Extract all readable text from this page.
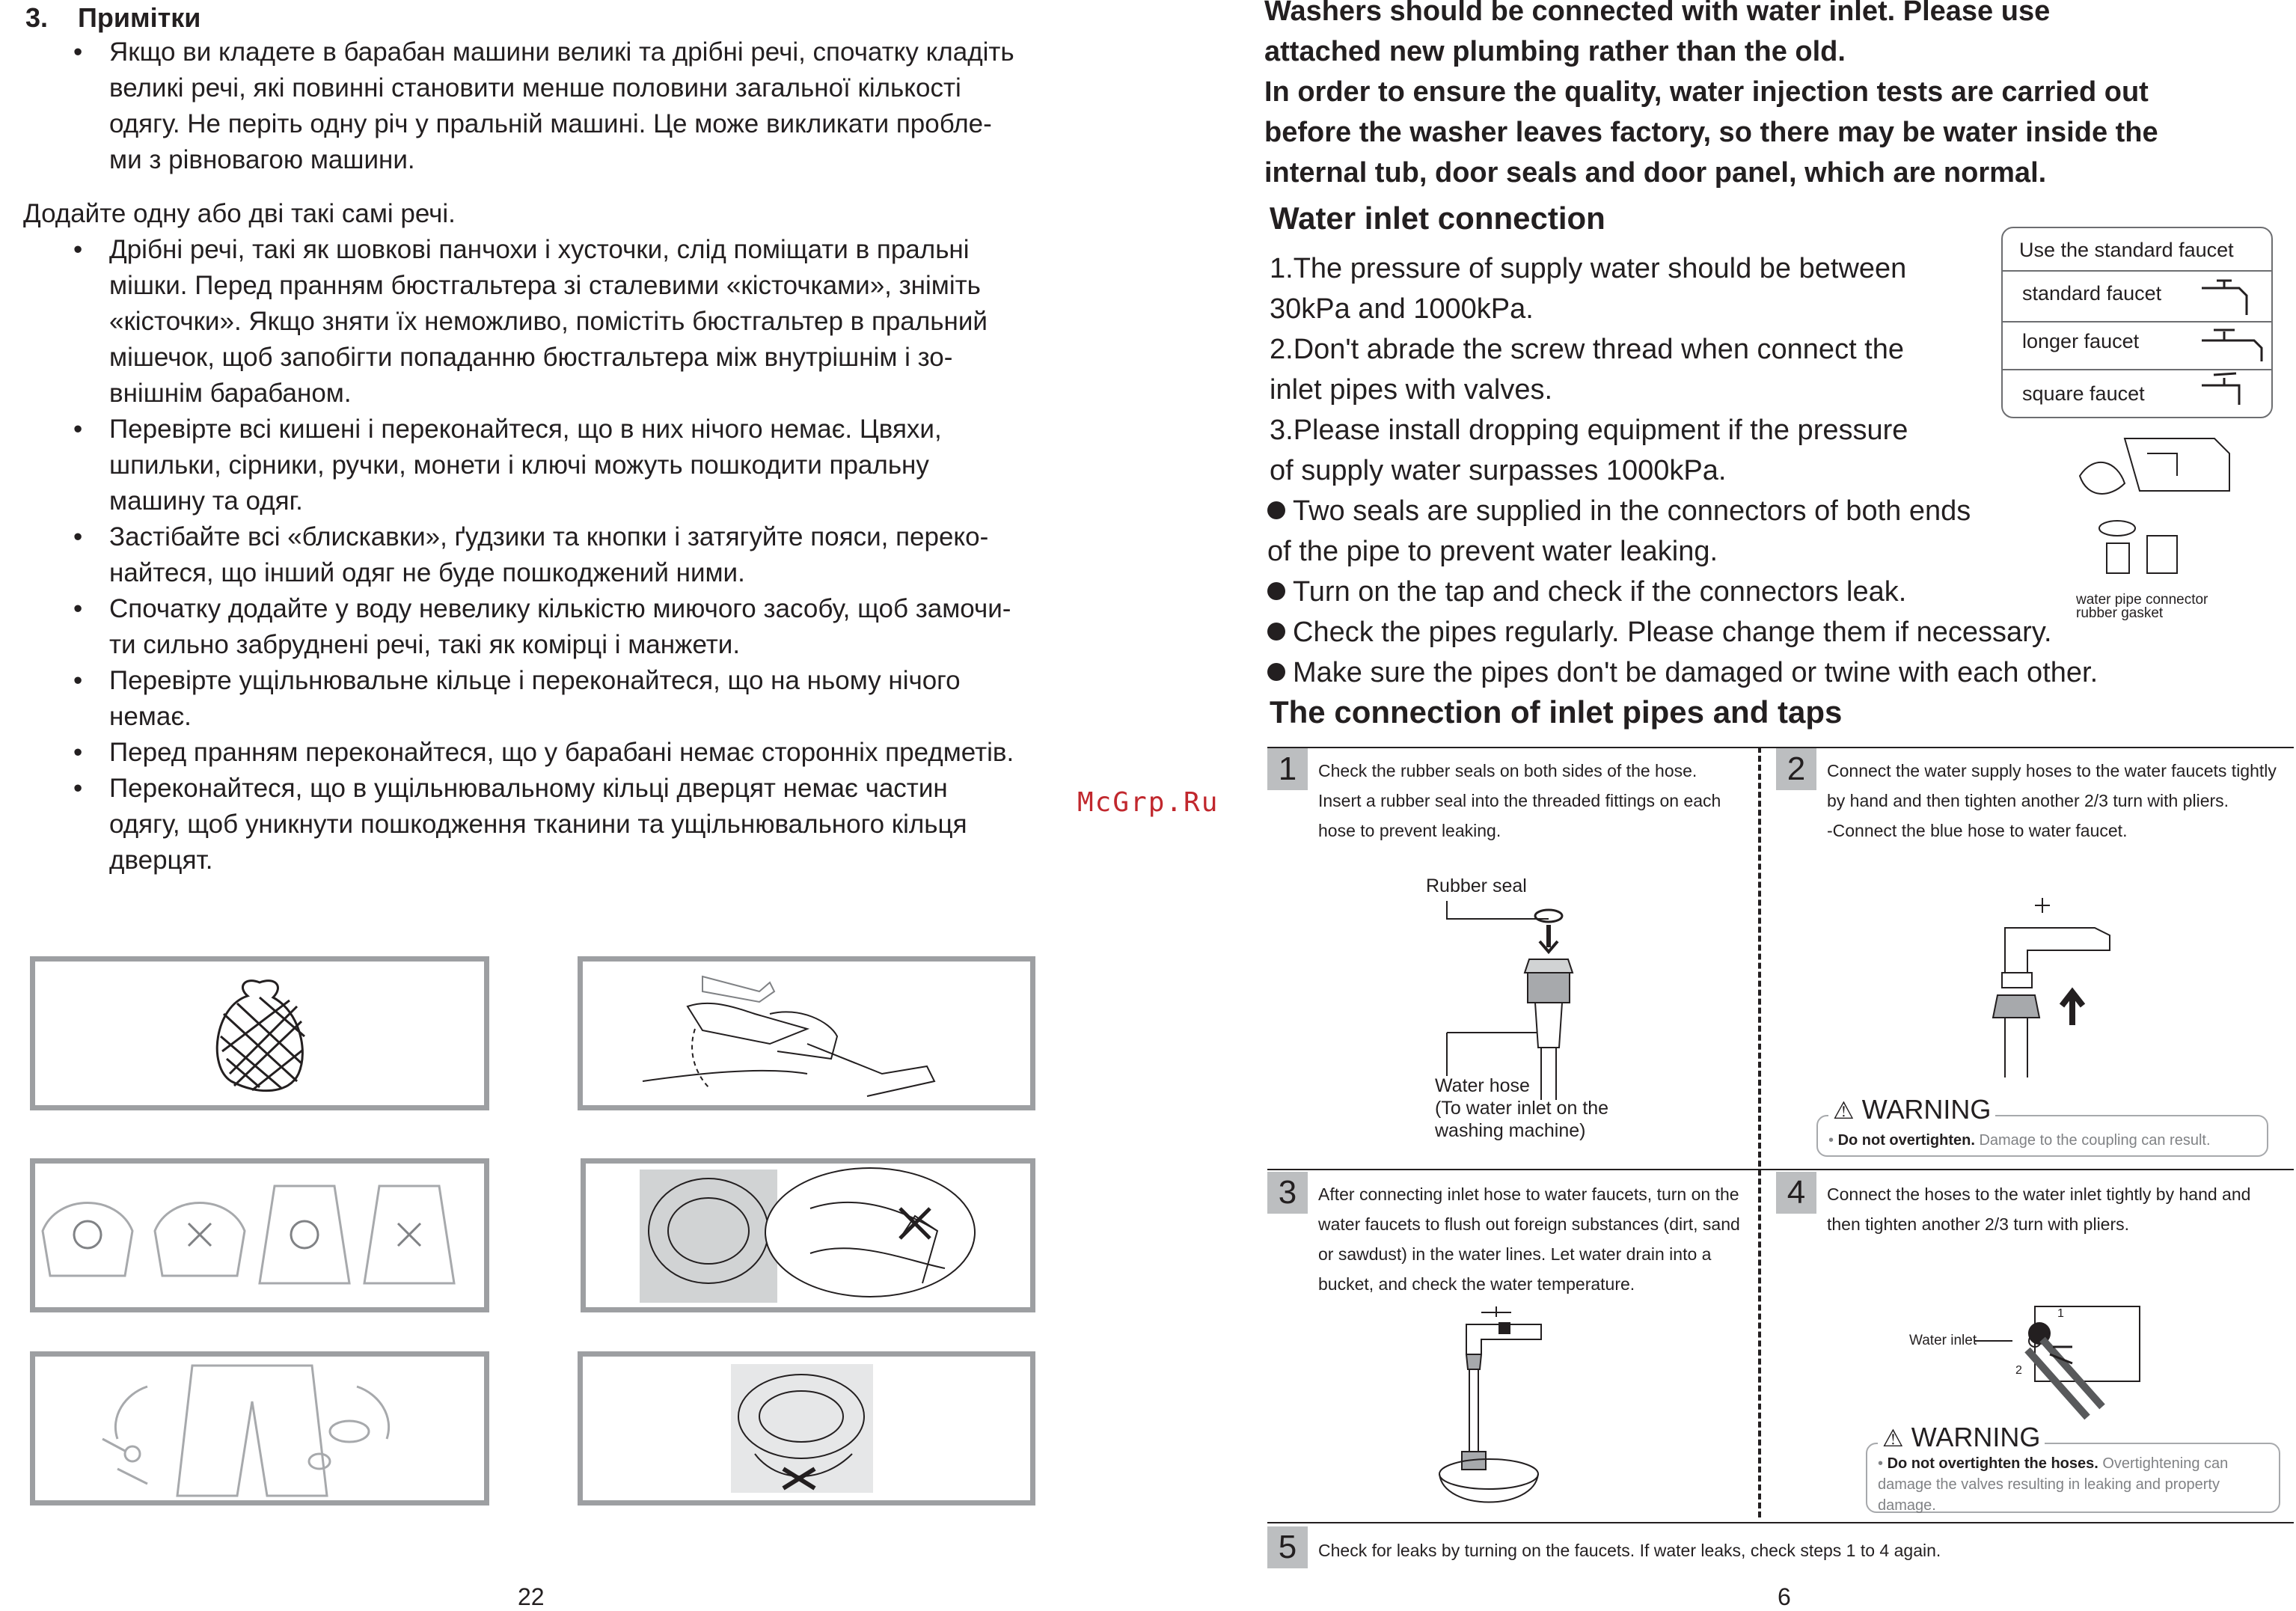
3. Примітки
• Якщо ви кладете в барабан машини великі та дрібні речі, спочатку кладіть
великі речі, які повинні становити менше половини загальної кількості
одягу. Не періть одну річ у пральній машині. Це може викликати пробле-
ми з рівновагою машини.
Додайте одну або дві такі самі речі.
• Дрібні речі, такі як шовкові панчохи і хусточки, слід поміщати в пральні
мішки. Перед пранням бюстгальтера зі сталевими «кісточками», зніміть
«кісточки». Якщо зняти їх неможливо, помістіть бюстгальтер в пральний
мішечок, щоб запобігти попаданню бюстгальтера між внутрішнім і зо-
внішнім барабаном.
• Перевірте всі кишені і переконайтеся, що в них нічого немає. Цвяхи,
шпильки, сірники, ручки, монети і ключі можуть пошкодити пральну
машину та одяг.
• Застібайте всі «блискавки», ґудзики та кнопки і затягуйте пояси, переко-
найтеся, що інший одяг не буде пошкоджений ними.
• Спочатку додайте у воду невелику кількістю миючого засобу, щоб замочи-
ти сильно забруднені речі, такі як комірці і манжети.
• Перевірте ущільнювальне кільце і переконайтеся, що на ньому нічого
немає.
• Перед пранням переконайтеся, що у барабані немає сторонніх предметів.
• Переконайтеся, що в ущільнювальному кільці дверцят немає частин
одягу, щоб уникнути пошкодження тканини та ущільнювального кільця
дверцят.
22
McGrp.Ru
Washers should be connected with water inlet. Please use
attached new plumbing rather than the old.
In order to ensure the quality, water injection tests are carried out
before the washer leaves factory, so there may be water inside the
internal tub, door seals and door panel, which are normal.
Water inlet connection
1.The pressure of supply water should be between
30kPa and 1000kPa.
2.Don't abrade the screw thread when connect the
inlet pipes with valves.
3.Please install dropping equipment if the pressure
of supply water surpasses 1000kPa.
Two seals are supplied in the connectors of both ends
of the pipe to prevent water leaking.
Turn on the tap and check if the connectors leak.
Check the pipes regularly. Please change them if necessary.
Make sure the pipes don't be damaged or twine with each other.
Use the standard faucet
standard faucet
longer faucet
square faucet
water pipe connector
rubber gasket
The connection of inlet pipes and taps
1	Check the rubber seals on both sides of the hose.
Insert a rubber seal into the threaded fittings on each
hose to prevent leaking.
2	Connect the water supply hoses to the water faucets tightly
by hand and then tighten another 2/3 turn with pliers.
-Connect the blue hose to water faucet.
3	After connecting inlet hose to water faucets, turn on the
water faucets to flush out foreign substances (dirt, sand
or sawdust) in the water lines. Let water drain into a
bucket, and check the water temperature.
4	Connect the hoses to the water inlet tightly by hand and
then tighten another 2/3 turn with pliers.
5	Check for leaks by turning on the faucets. If water leaks, check steps 1 to 4 again.
Rubber seal
Water hose
(To water inlet on the
washing machine)	• Do not overtighten. Damage to the coupling can result.
⚠ WARNING
Water inlet
1
2
• Do not overtighten the hoses. Overtightening can
damage the valves resulting in leaking and property
damage.
⚠ WARNING
6
